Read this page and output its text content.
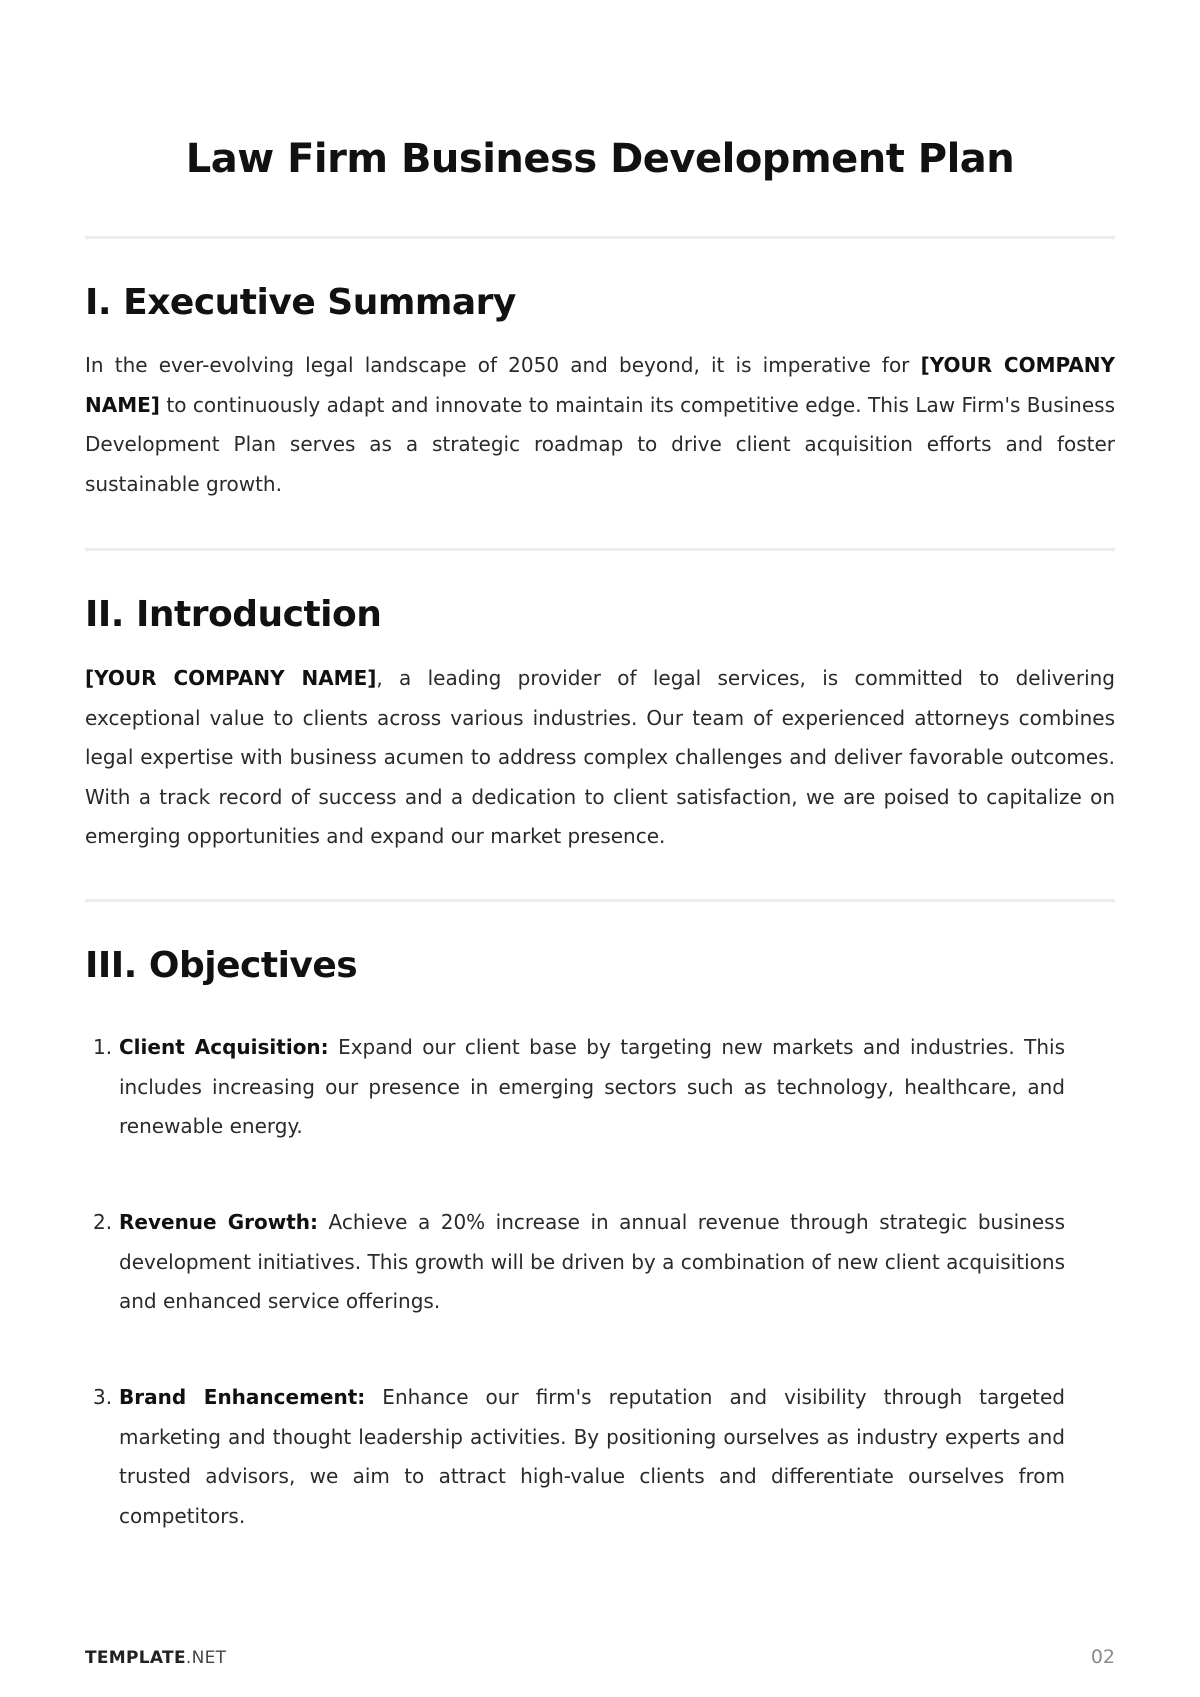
Law Firm Business Development Plan
I. Executive Summary

In the ever-evolving legal landscape of 2050 and beyond, it is imperative for [YOUR COMPANY NAME] to continuously adapt and innovate to maintain its competitive edge. This Law Firm's Business Development Plan serves as a strategic roadmap to drive client acquisition efforts and foster sustainable growth.

II. Introduction

[YOUR COMPANY NAME], a leading provider of legal services, is committed to delivering exceptional value to clients across various industries. Our team of experienced attorneys combines legal expertise with business acumen to address complex challenges and deliver favorable outcomes. With a track record of success and a dedication to client satisfaction, we are poised to capitalize on emerging opportunities and expand our market presence.

III. Objectives
1. Client Acquisition: Expand our client base by targeting new markets and industries. This includes increasing our presence in emerging sectors such as technology, healthcare, and renewable energy.

2. Revenue Growth: Achieve a 20% increase in annual revenue through strategic business development initiatives. This growth will be driven by a combination of new client acquisitions and enhanced service offerings.

3. Brand Enhancement: Enhance our firm's reputation and visibility through targeted marketing and thought leadership activities. By positioning ourselves as industry experts and trusted advisors, we aim to attract high-value clients and differentiate ourselves from competitors.

TEMPLATE.NET	02
